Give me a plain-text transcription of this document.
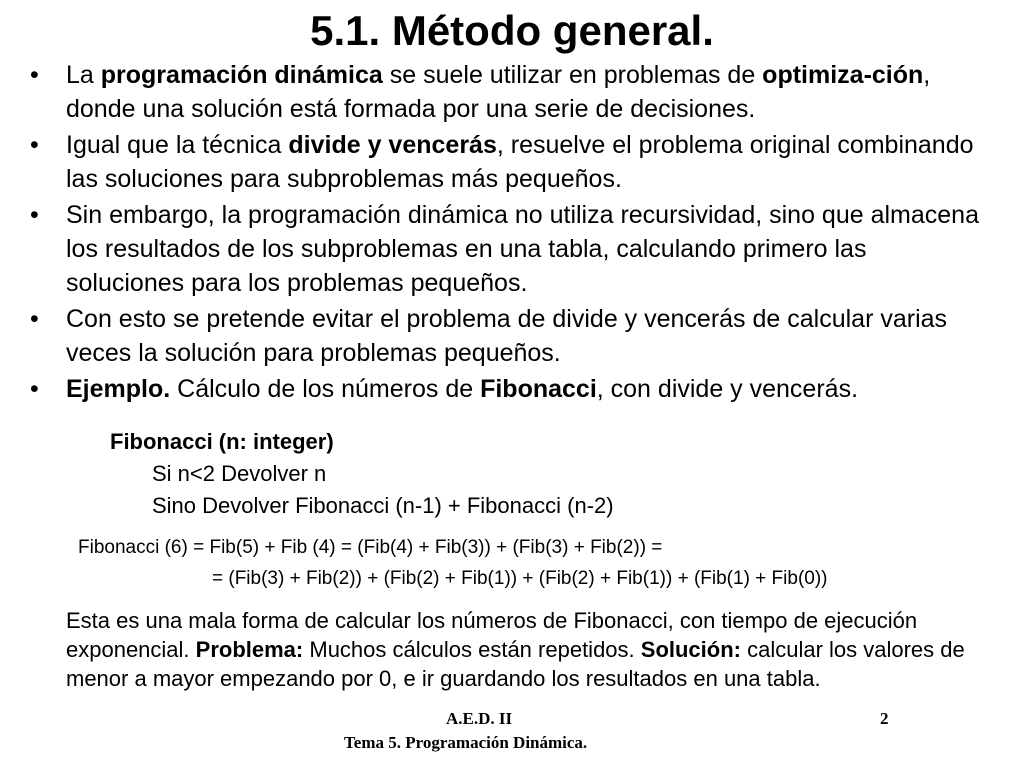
5.1. Método general.
•
La programación dinámica se suele utilizar en problemas de optimiza-ción, donde una solución está formada por una serie de decisiones.
•
Igual que la técnica divide y vencerás, resuelve el problema original combinando las soluciones para subproblemas más pequeños.
•
Sin embargo, la programación dinámica no utiliza recursividad, sino que almacena los resultados de los subproblemas en una tabla, calculando primero las soluciones para los problemas pequeños.
•
Con esto se pretende evitar el problema de divide y vencerás de calcular varias veces la solución para problemas pequeños.
•
Ejemplo. Cálculo de los números de Fibonacci, con divide y vencerás.
Fibonacci (n: integer)
Si n<2 Devolver n
Sino Devolver Fibonacci (n-1) + Fibonacci (n-2)
Fibonacci (6) = Fib(5) + Fib (4) = (Fib(4) + Fib(3)) + (Fib(3) + Fib(2)) =
= (Fib(3) + Fib(2)) + (Fib(2) + Fib(1)) + (Fib(2) + Fib(1)) + (Fib(1) + Fib(0))

Esta es una mala forma de calcular los números de Fibonacci, con tiempo de ejecución exponencial. Problema: Muchos cálculos están repetidos. Solución: calcular los valores de menor a mayor empezando por 0, e ir guardando los resultados en una tabla.

A.E.D. II	2
Tema 5. Programación Dinámica.
